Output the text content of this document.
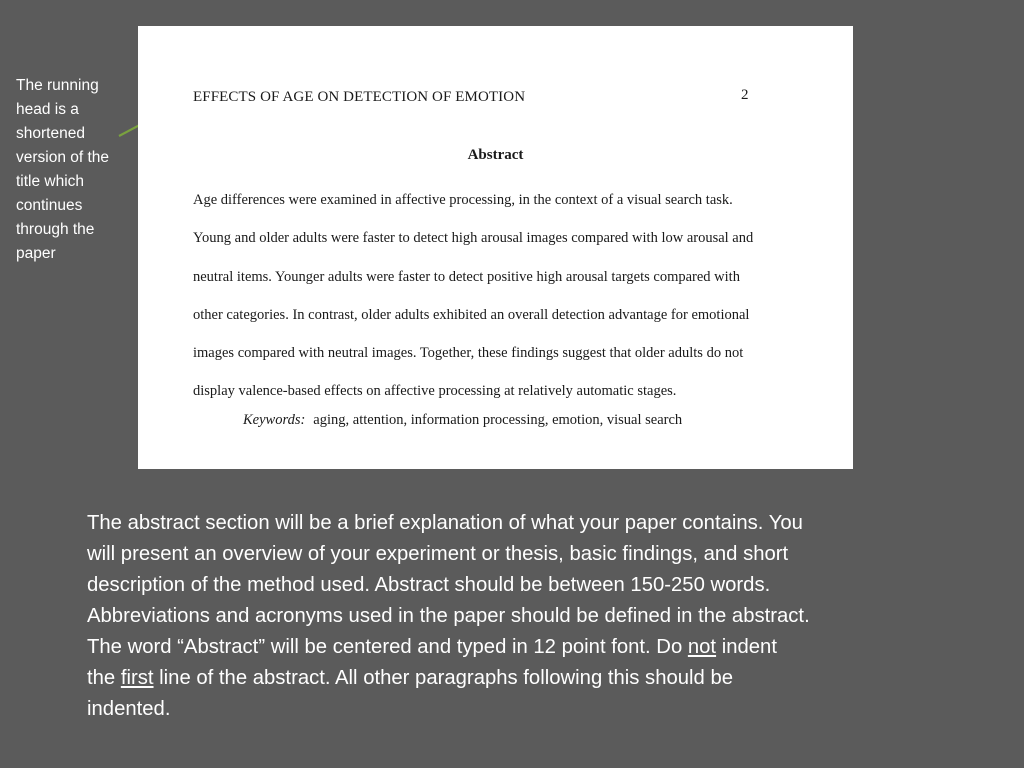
The running
head is a
shortened
version of the
title which
continues
through the
paper

EFFECTS OF AGE ON DETECTION OF EMOTION	2
Abstract

Age differences were examined in affective processing, in the context of a visual search task.
Young and older adults were faster to detect high arousal images compared with low arousal and
neutral items. Younger adults were faster to detect positive high arousal targets compared with
other categories. In contrast, older adults exhibited an overall detection advantage for emotional
images compared with neutral images. Together, these findings suggest that older adults do not
display valence-based effects on affective processing at relatively automatic stages.

Keywords: aging, attention, information processing, emotion, visual search

The abstract section will be a brief explanation of what your paper contains. You
will present an overview of your experiment or thesis, basic findings, and short
description of the method used. Abstract should be between 150-250 words.
Abbreviations and acronyms used in the paper should be defined in the abstract.
The word “Abstract” will be centered and typed in 12 point font. Do not indent
the first line of the abstract. All other paragraphs following this should be
indented.
